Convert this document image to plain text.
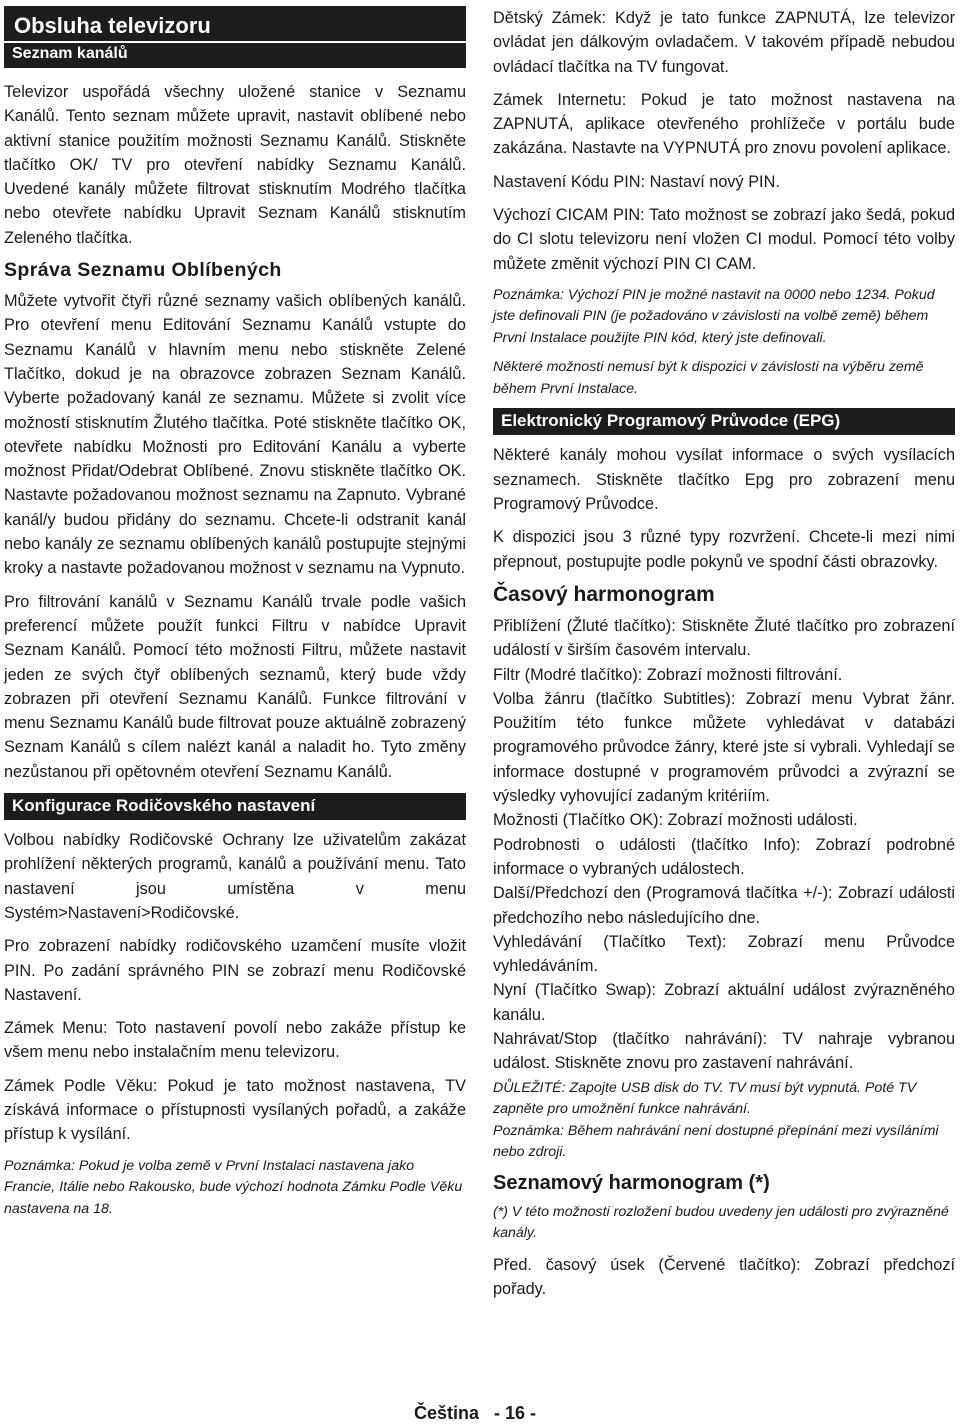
Obsluha televizoru
Seznam kanálů

Televizor uspořádá všechny uložené stanice v Seznamu Kanálů. Tento seznam můžete upravit, nastavit oblíbené nebo aktivní stanice použitím možnosti Seznamu Kanálů. Stiskněte tlačítko OK/ TV pro otevření nabídky Seznamu Kanálů. Uvedené kanály můžete filtrovat stisknutím Modrého tlačítka nebo otevřete nabídku Upravit Seznam Kanálů stisknutím Zeleného tlačítka.

Správa Seznamu Oblíbených

Můžete vytvořit čtyři různé seznamy vašich oblíbených kanálů. Pro otevření menu Editování Seznamu Kanálů vstupte do Seznamu Kanálů v hlavním menu nebo stiskněte Zelené Tlačítko, dokud je na obrazovce zobrazen Seznam Kanálů. Vyberte požadovaný kanál ze seznamu. Můžete si zvolit více možností stisknutím Žlutého tlačítka. Poté stiskněte tlačítko OK, otevřete nabídku Možnosti pro Editování Kanálu a vyberte možnost Přidat/Odebrat Oblíbené. Znovu stiskněte tlačítko OK. Nastavte požadovanou možnost seznamu na Zapnuto. Vybrané kanál/y budou přidány do seznamu. Chcete-li odstranit kanál nebo kanály ze seznamu oblíbených kanálů postupujte stejnými kroky a nastavte požadovanou možnost v seznamu na Vypnuto.

Pro filtrování kanálů v Seznamu Kanálů trvale podle vašich preferencí můžete použít funkci Filtru v nabídce Upravit Seznam Kanálů. Pomocí této možnosti Filtru, můžete nastavit jeden ze svých čtyř oblíbených seznamů, který bude vždy zobrazen při otevření Seznamu Kanálů. Funkce filtrování v menu Seznamu Kanálů bude filtrovat pouze aktuálně zobrazený Seznam Kanálů s cílem nalézt kanál a naladit ho. Tyto změny nezůstanou při opětovném otevření Seznamu Kanálů.

Konfigurace Rodičovského nastavení

Volbou nabídky Rodičovské Ochrany lze uživatelům zakázat prohlížení některých programů, kanálů a používání menu. Tato nastavení jsou umístěna v menu Systém>Nastavení>Rodičovské.

Pro zobrazení nabídky rodičovského uzamčení musíte vložit PIN. Po zadání správného PIN se zobrazí menu Rodičovské Nastavení.

Zámek Menu: Toto nastavení povolí nebo zakáže přístup ke všem menu nebo instalačním menu televizoru.

Zámek Podle Věku: Pokud je tato možnost nastavena, TV získává informace o přístupnosti vysílaných pořadů, a zakáže přístup k vysílání.

Poznámka: Pokud je volba země v První Instalaci nastavena jako Francie, Itálie nebo Rakousko, bude výchozí hodnota Zámku Podle Věku nastavena na 18.

Dětský Zámek: Když je tato funkce ZAPNUTÁ, lze televizor ovládat jen dálkovým ovladačem. V takovém případě nebudou ovládací tlačítka na TV fungovat.

Zámek Internetu: Pokud je tato možnost nastavena na ZAPNUTÁ, aplikace otevřeného prohlížeče v portálu bude zakázána. Nastavte na VYPNUTÁ pro znovu povolení aplikace.

Nastavení Kódu PIN: Nastaví nový PIN.

Výchozí CICAM PIN: Tato možnost se zobrazí jako šedá, pokud do CI slotu televizoru není vložen CI modul. Pomocí této volby můžete změnit výchozí PIN CI CAM.

Poznámka: Výchozí PIN je možné nastavit na 0000 nebo 1234. Pokud jste definovali PIN (je požadováno v závislosti na volbě země) během První Instalace použijte PIN kód, který jste definovali.

Některé možnosti nemusí být k dispozici v závislosti na výběru země během První Instalace.

Elektronický Programový Průvodce (EPG)

Některé kanály mohou vysílat informace o svých vysílacích seznamech. Stiskněte tlačítko Epg pro zobrazení menu Programový Průvodce.

K dispozici jsou 3 různé typy rozvržení. Chcete-li mezi nimi přepnout, postupujte podle pokynů ve spodní části obrazovky.

Časový harmonogram

Přiblížení (Žluté tlačítko): Stiskněte Žluté tlačítko pro zobrazení událostí v širším časovém intervalu.

Filtr (Modré tlačítko): Zobrazí možnosti filtrování.

Volba žánru (tlačítko Subtitles): Zobrazí menu Vybrat žánr. Použitím této funkce můžete vyhledávat v databázi programového průvodce žánry, které jste si vybrali. Vyhledají se informace dostupné v programovém průvodci a zvýrazní se výsledky vyhovující zadaným kritériím.

Možnosti (Tlačítko OK): Zobrazí možnosti události.

Podrobnosti o události (tlačítko Info): Zobrazí podrobné informace o vybraných událostech.

Další/Předchozí den (Programová tlačítka +/-): Zobrazí události předchozího nebo následujícího dne.

Vyhledávání (Tlačítko Text): Zobrazí menu Průvodce vyhledáváním.

Nyní (Tlačítko Swap): Zobrazí aktuální událost zvýrazněného kanálu.

Nahrávat/Stop (tlačítko nahrávání): TV nahraje vybranou událost. Stiskněte znovu pro zastavení nahrávání.

DŮLEŽITÉ: Zapojte USB disk do TV. TV musí být vypnutá. Poté TV zapněte pro umožnění funkce nahrávání.

Poznámka: Během nahrávání není dostupné přepínání mezi vysíláními nebo zdroji.

Seznamový harmonogram (*)

(*) V této možnosti rozložení budou uvedeny jen události pro zvýrazněné kanály.

Před. časový úsek (Červené tlačítko): Zobrazí předchozí pořady.

Čeština   - 16 -
